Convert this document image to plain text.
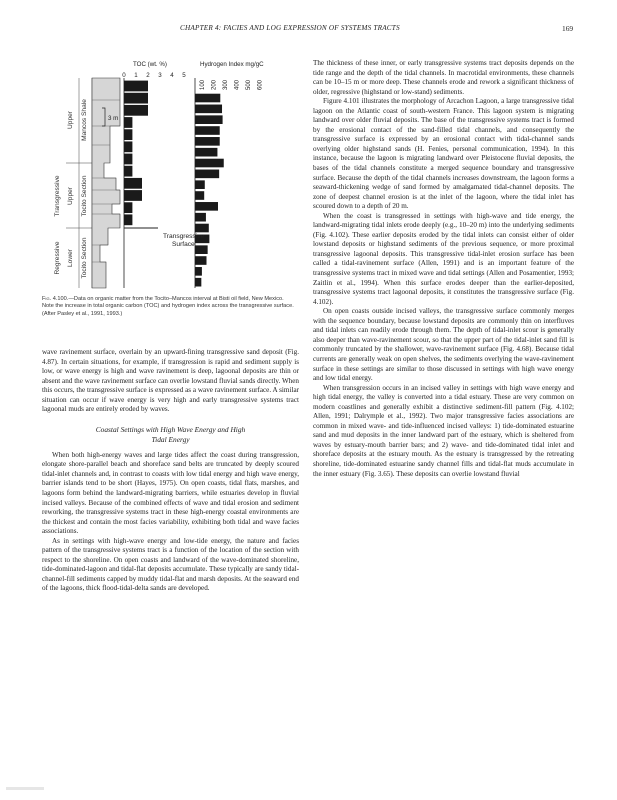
CHAPTER 4: FACIES AND LOG EXPRESSION OF SYSTEMS TRACTS	169
TOC (wt. %)	Hydrogen Index mg/gC
0 1 2 3 4 5
100 200 300 400 500 600
Upper Mancos Shale
Transgressive Upper Tocito Section
Regressive Lower Tocito Section
3 m
Transgressive
Surface
Fig. 4.100.—Data on organic matter from the Tocito–Mancos interval at Bisti oil field, New Mexico. Note the increase in total organic carbon (TOC) and hydrogen index across the transgressive surface. (After Pasley et al., 1991, 1993.)

wave ravinement surface, overlain by an upward-fining transgressive sand deposit (Fig. 4.87). In certain situations, for example, if transgression is rapid and sediment supply is low, or wave energy is high and wave ravinement is deep, lagoonal deposits are thin or absent and the wave ravinement surface can overlie lowstand fluvial sands directly. When this occurs, the transgressive surface is expressed as a wave ravinement surface. A similar situation can occur if wave energy is very high and early transgressive systems tract lagoonal muds are entirely eroded by waves.

Coastal Settings with High Wave Energy and High
Tidal Energy

When both high-energy waves and large tides affect the coast during transgression, elongate shore-parallel beach and shoreface sand belts are truncated by deeply scoured tidal-inlet channels and, in contrast to coasts with low tidal energy and high wave energy, barrier islands tend to be short (Hayes, 1975). On open coasts, tidal flats, marshes, and lagoons form behind the landward-migrating barriers, while estuaries develop in fluvial incised valleys. Because of the combined effects of wave and tidal erosion and sediment reworking, the transgressive systems tract in these high-energy coastal environments are the thickest and contain the most facies variability, exhibiting both tidal and wave facies associations.

As in settings with high-wave energy and low-tide energy, the nature and facies pattern of the transgressive systems tract is a function of the location of the section with respect to the shoreline. On open coasts and landward of the wave-dominated shoreline, tide-dominated-lagoon and tidal-flat deposits accumulate. These typically are sandy tidal-channel-fill sediments capped by muddy tidal-flat and marsh deposits. At the seaward end of the lagoons, thick flood-tidal-delta sands are developed.

The thickness of these inner, or early transgressive systems tract deposits depends on the tide range and the depth of the tidal channels. In macrotidal environments, these channels can be 10–15 m or more deep. These channels erode and rework a significant thickness of older, regressive (highstand or low-stand) sediments.

Figure 4.101 illustrates the morphology of Arcachon Lagoon, a large transgressive tidal lagoon on the Atlantic coast of south-western France. This lagoon system is migrating landward over older fluvial deposits. The base of the transgressive systems tract is formed by the erosional contact of the sand-filled tidal channels, and consequently the transgressive surface is expressed by an erosional contact with tidal-channel sands overlying older highstand sands (H. Fenies, personal communication, 1994). In this instance, because the lagoon is migrating landward over Pleistocene fluvial deposits, the bases of the tidal channels constitute a merged sequence boundary and transgressive surface. Because the depth of the tidal channels increases downstream, the lagoon forms a seaward-thickening wedge of sand formed by amalgamated tidal-channel deposits. The zone of deepest channel erosion is at the inlet of the lagoon, where the tidal inlet has scoured down to a depth of 20 m.

When the coast is transgressed in settings with high-wave and tide energy, the landward-migrating tidal inlets erode deeply (e.g., 10–20 m) into the underlying sediments (Fig. 4.102). These earlier deposits eroded by the tidal inlets can consist either of older lowstand deposits or highstand sediments of the previous sequence, or more proximal transgressive lagoonal deposits. This transgressive tidal-inlet erosion surface has been called a tidal-ravinement surface (Allen, 1991) and is an important feature of the transgressive systems tract in mixed wave and tidal settings (Allen and Posamentier, 1993; Zaitlin et al., 1994). When this surface erodes deeper than the earlier-deposited, transgressive systems tract lagoonal deposits, it constitutes the transgressive surface (Fig. 4.102).

On open coasts outside incised valleys, the transgressive surface commonly merges with the sequence boundary, because lowstand deposits are commonly thin on interfluves and tidal inlets can readily erode through them. The depth of tidal-inlet scour is generally also deeper than wave-ravinement scour, so that the upper part of the tidal-inlet sand fill is commonly truncated by the shallower, wave-ravinement surface (Fig. 4.68). Because tidal currents are generally weak on open shelves, the sediments overlying the wave-ravinement surface in these settings are similar to those discussed in settings with high wave energy and low tidal energy.

When transgression occurs in an incised valley in settings with high wave energy and high tidal energy, the valley is converted into a tidal estuary. These are very common on modern coastlines and generally exhibit a distinctive sediment-fill pattern (Fig. 4.102; Allen, 1991; Dalrymple et al., 1992). Two major transgressive facies associations are common in mixed wave- and tide-influenced incised valleys: 1) tide-dominated estuarine sand and mud deposits in the inner landward part of the estuary, which is sheltered from waves by estuary-mouth barrier bars; and 2) wave- and tide-dominated tidal inlet and shoreface deposits at the estuary mouth. As the estuary is transgressed by the retreating shoreline, tide-dominated estuarine sandy channel fills and tidal-flat muds accumulate in the inner estuary (Fig. 3.65). These deposits can overlie lowstand fluvial
